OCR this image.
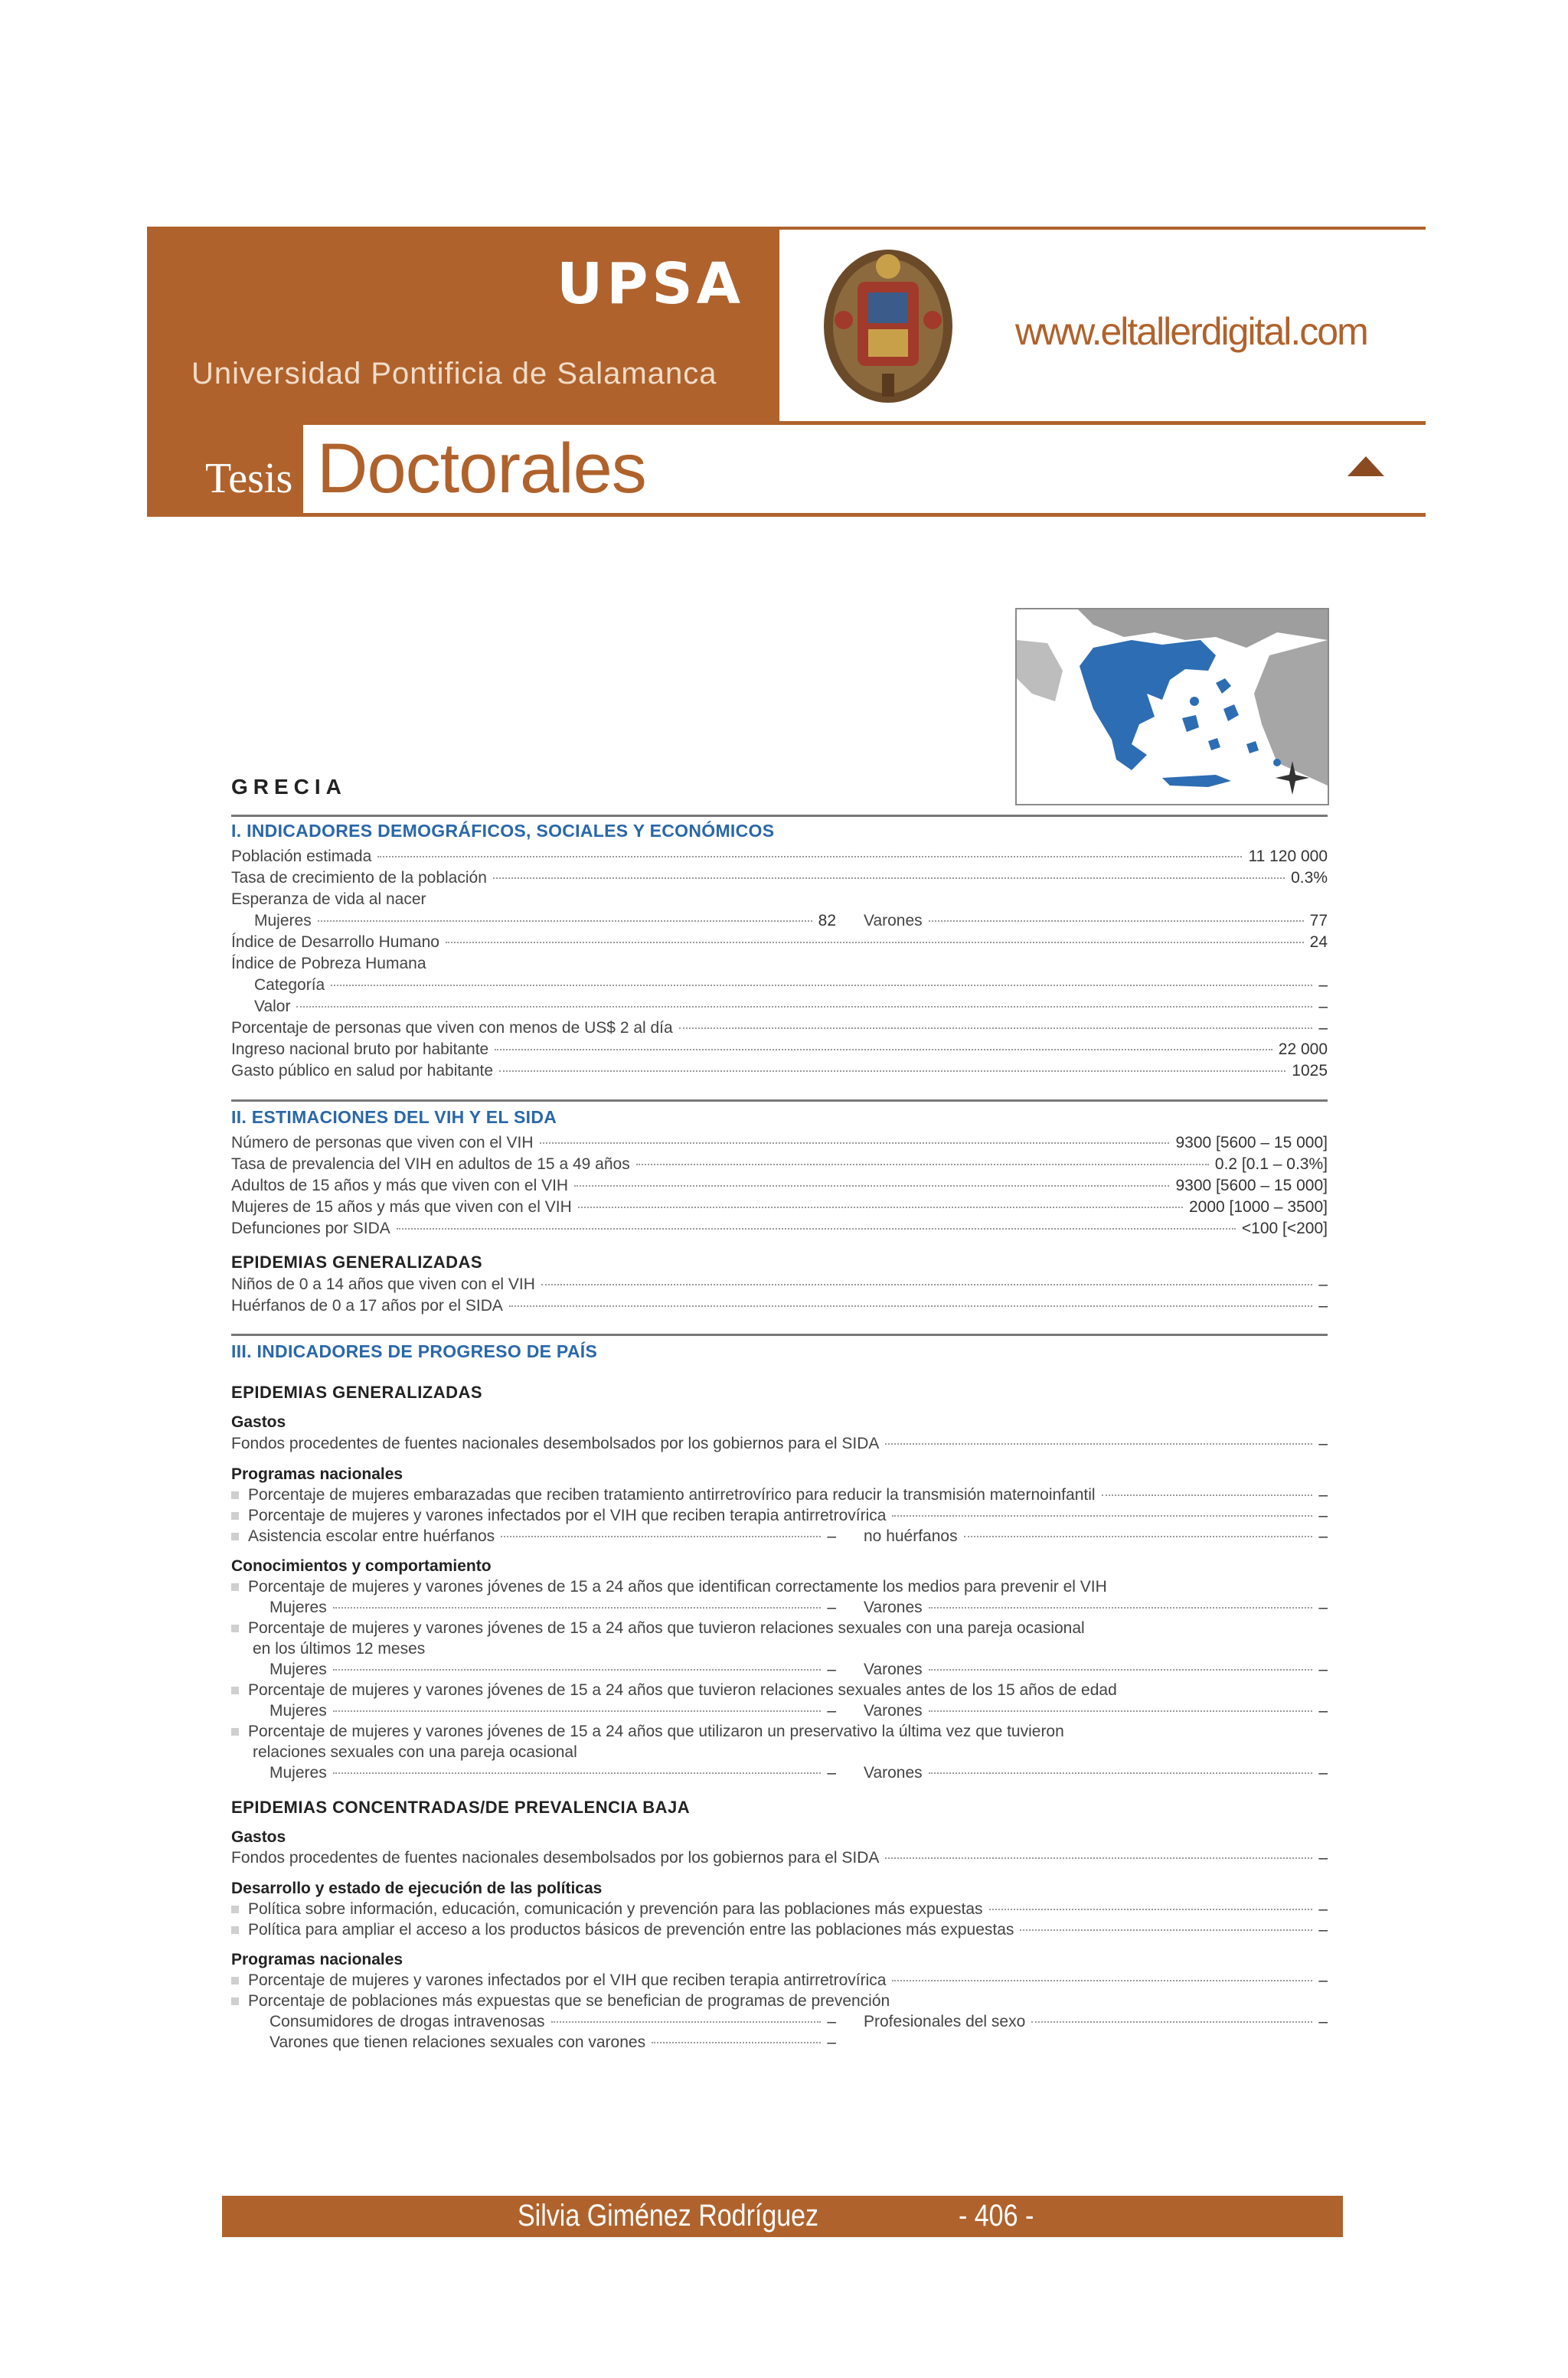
UPSA
Universidad Pontificia de Salamanca
www.eltallerdigital.com
Tesis Doctorales
GRECIA
I. INDICADORES DEMOGRÁFICOS, SOCIALES Y ECONÓMICOS
Población estimada	11 120 000
Tasa de crecimiento de la población	0.3%
Esperanza de vida al nacer
Mujeres	82 Varones	77
Índice de Desarrollo Humano	24
Índice de Pobreza Humana
Categoría	–
Valor	–
Porcentaje de personas que viven con menos de US$ 2 al día	–
Ingreso nacional bruto por habitante	22 000
Gasto público en salud por habitante	1025
II. ESTIMACIONES DEL VIH Y EL SIDA
Número de personas que viven con el VIH	9300 [5600 – 15 000]
Tasa de prevalencia del VIH en adultos de 15 a 49 años	0.2 [0.1 – 0.3%]
Adultos de 15 años y más que viven con el VIH	9300 [5600 – 15 000]
Mujeres de 15 años y más que viven con el VIH	2000 [1000 – 3500]
Defunciones por SIDA	<100 [<200]
EPIDEMIAS GENERALIZADAS
Niños de 0 a 14 años que viven con el VIH	–
Huérfanos de 0 a 17 años por el SIDA	–
III. INDICADORES DE PROGRESO DE PAÍS
EPIDEMIAS GENERALIZADAS
Gastos
Fondos procedentes de fuentes nacionales desembolsados por los gobiernos para el SIDA	–
Programas nacionales
Porcentaje de mujeres embarazadas que reciben tratamiento antirretrovírico para reducir la transmisión maternoinfantil	–
Porcentaje de mujeres y varones infectados por el VIH que reciben terapia antirretrovírica	–
Asistencia escolar entre huérfanos	– no huérfanos	–
Conocimientos y comportamiento
Porcentaje de mujeres y varones jóvenes de 15 a 24 años que identifican correctamente los medios para prevenir el VIH
Mujeres	– Varones	–
Porcentaje de mujeres y varones jóvenes de 15 a 24 años que tuvieron relaciones sexuales con una pareja ocasional
en los últimos 12 meses
Mujeres	– Varones	–
Porcentaje de mujeres y varones jóvenes de 15 a 24 años que tuvieron relaciones sexuales antes de los 15 años de edad
Mujeres	– Varones	–
Porcentaje de mujeres y varones jóvenes de 15 a 24 años que utilizaron un preservativo la última vez que tuvieron
relaciones sexuales con una pareja ocasional
Mujeres	– Varones	–
EPIDEMIAS CONCENTRADAS/DE PREVALENCIA BAJA
Gastos
Fondos procedentes de fuentes nacionales desembolsados por los gobiernos para el SIDA	–
Desarrollo y estado de ejecución de las políticas
Política sobre información, educación, comunicación y prevención para las poblaciones más expuestas	–
Política para ampliar el acceso a los productos básicos de prevención entre las poblaciones más expuestas	–
Programas nacionales
Porcentaje de mujeres y varones infectados por el VIH que reciben terapia antirretrovírica	–
Porcentaje de poblaciones más expuestas que se benefician de programas de prevención
Consumidores de drogas intravenosas	– Profesionales del sexo	–
Varones que tienen relaciones sexuales con varones	–
Silvia Giménez Rodríguez	- 406 -
